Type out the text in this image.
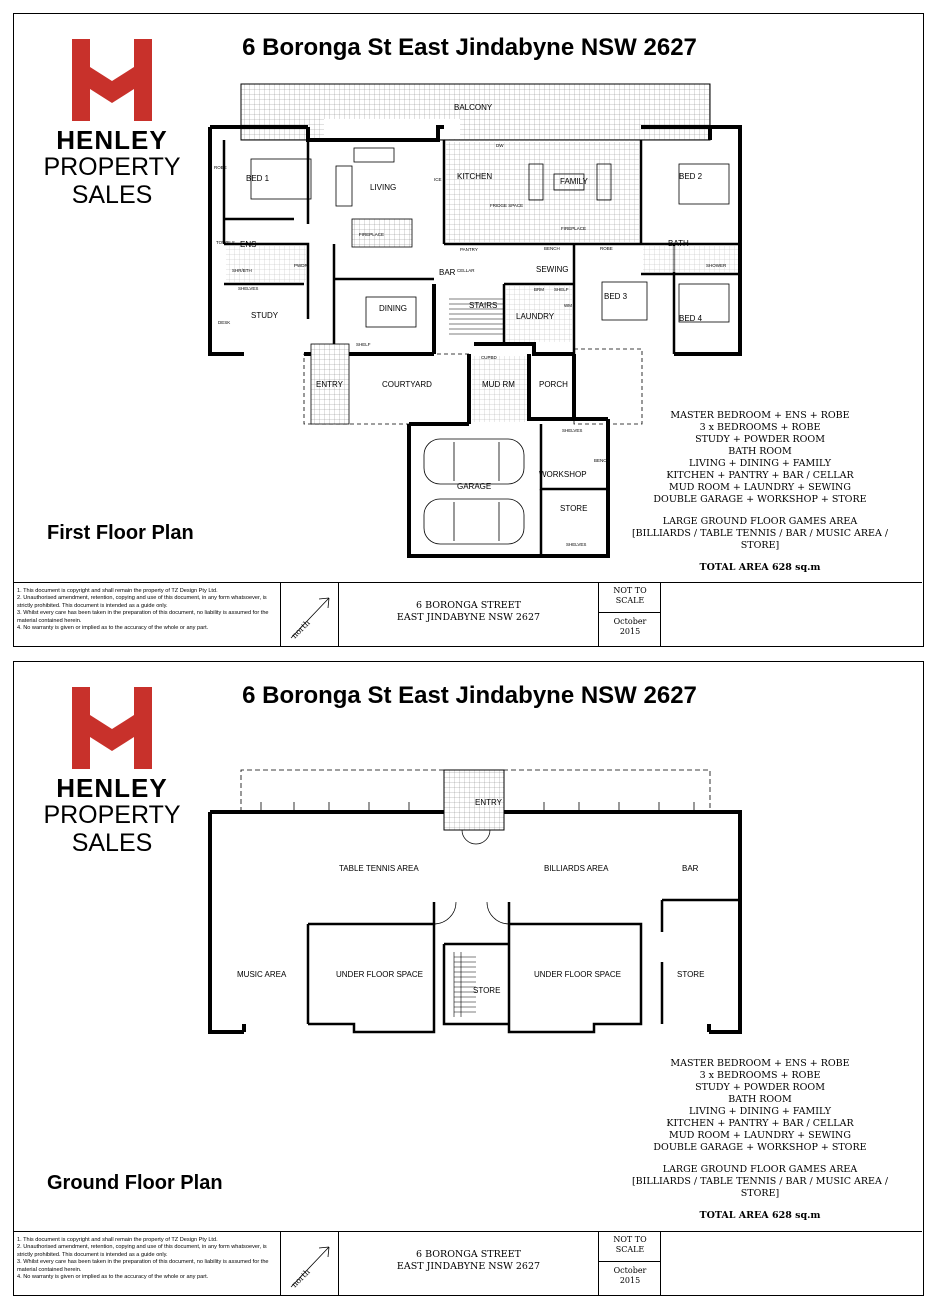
HENLEY
PROPERTY
SALES
6 Boronga St East Jindabyne NSW 2627
BALCONY
BED 1
ROBE
LIVING
KITCHEN
FAMILY
BED 2
ENS
FIREPLACE
PANTRY
FIREPLACE
BATH
SHOWER
TOWELS
SHR/BTH
PWDR
BAR CELLAR	SEWING
BENCH	ROBE
BED 3
BED 4
STUDY
DESK
SHELVES
DINING	STAIRS
LAUNDRY
BRM SHELF
SHELF
CUPBD
WM
FRIDGE SPACE
ICE
DW
ENTRY	COURTYARD	MUD RM	PORCH
WORKSHOP
GARAGE
STORE
SHELVES
SHELVES
BENCH
MASTER BEDROOM + ENS + ROBE
3 x BEDROOMS + ROBE
STUDY + POWDER ROOM
BATH ROOM
LIVING + DINING + FAMILY
KITCHEN + PANTRY + BAR / CELLAR
MUD ROOM + LAUNDRY + SEWING
DOUBLE GARAGE + WORKSHOP + STORE
LARGE GROUND FLOOR GAMES AREA
[BILLIARDS / TABLE TENNIS / BAR / MUSIC AREA / STORE]
TOTAL AREA 628 sq.m
First Floor Plan
1. This document is copyright and shall remain the property of TZ Design Pty Ltd.
2. Unauthorised amendment, retention, copying and use of this document, in any form whatsoever, is strictly prohibited. This document is intended as a guide only.
3. Whilst every care has been taken in the preparation of this document, no liability is assumed for the material contained herein.
4. No warranty is given or implied as to the accuracy of the whole or any part.	north
6 BORONGA STREET
EAST JINDABYNE NSW 2627
NOT TO
SCALE
October
2015
HENLEY
PROPERTY
SALES
6 Boronga St East Jindabyne NSW 2627
ENTRY
TABLE TENNIS AREA	BILLIARDS AREA	BAR
MUSIC AREA	UNDER FLOOR SPACE
STORE
UNDER FLOOR SPACE	STORE
MASTER BEDROOM + ENS + ROBE
3 x BEDROOMS + ROBE
STUDY + POWDER ROOM
BATH ROOM
LIVING + DINING + FAMILY
KITCHEN + PANTRY + BAR / CELLAR
MUD ROOM + LAUNDRY + SEWING
DOUBLE GARAGE + WORKSHOP + STORE
LARGE GROUND FLOOR GAMES AREA
[BILLIARDS / TABLE TENNIS / BAR / MUSIC AREA / STORE]
TOTAL AREA 628 sq.m
Ground Floor Plan
1. This document is copyright and shall remain the property of TZ Design Pty Ltd.
2. Unauthorised amendment, retention, copying and use of this document, in any form whatsoever, is strictly prohibited. This document is intended as a guide only.
3. Whilst every care has been taken in the preparation of this document, no liability is assumed for the material contained herein.
4. No warranty is given or implied as to the accuracy of the whole or any part.	north
6 BORONGA STREET
EAST JINDABYNE NSW 2627
NOT TO
SCALE
October
2015
